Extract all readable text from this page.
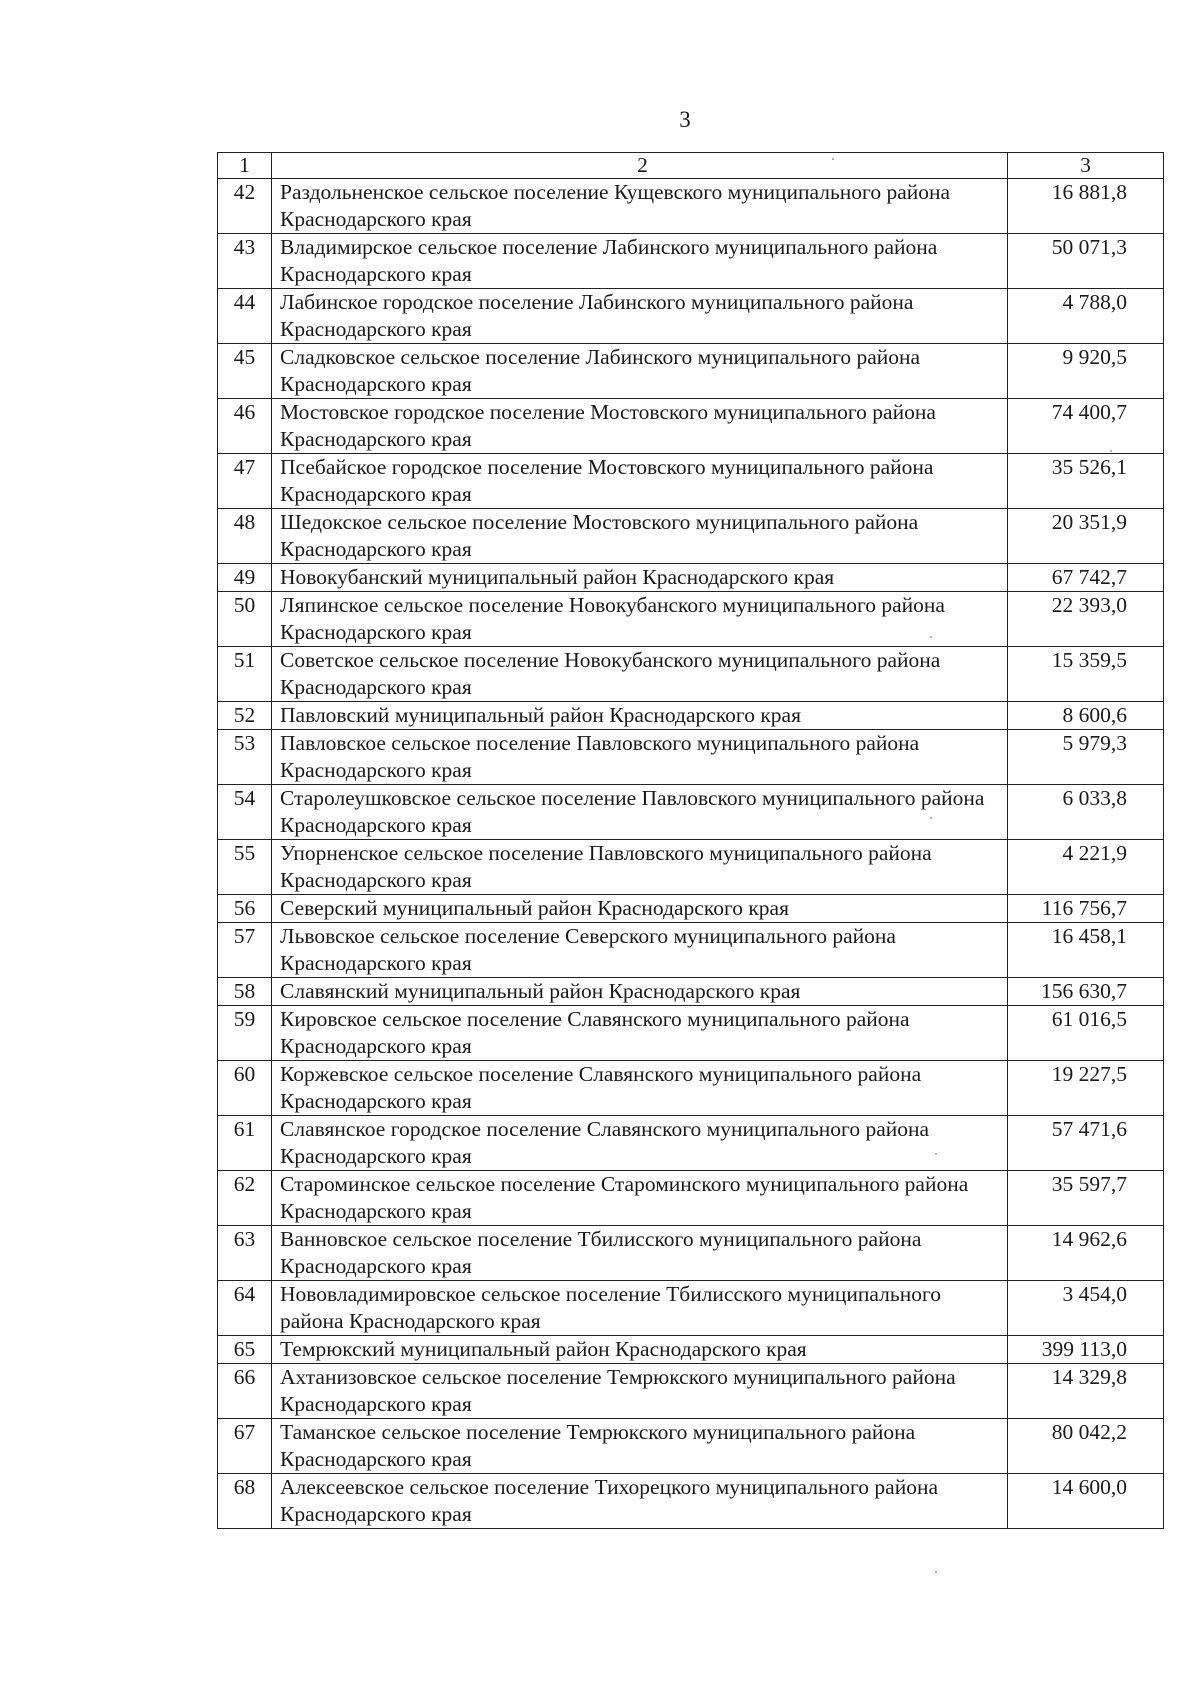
3
1	2	3
42	Раздольненское сельское поселение Кущевского муниципального района Краснодарского края	16 881,8
43	Владимирское сельское поселение Лабинского муниципального района Краснодарского края	50 071,3
44	Лабинское городское поселение Лабинского муниципального района Краснодарского края	4 788,0
45	Сладковское сельское поселение Лабинского муниципального района Краснодарского края	9 920,5
46	Мостовское городское поселение Мостовского муниципального района Краснодарского края	74 400,7
47	Псебайское городское поселение Мостовского муниципального района Краснодарского края	35 526,1
48	Шедокское сельское поселение Мостовского муниципального района Краснодарского края	20 351,9
49	Новокубанский муниципальный район Краснодарского края	67 742,7
50	Ляпинское сельское поселение Новокубанского муниципального района Краснодарского края	22 393,0
51	Советское сельское поселение Новокубанского муниципального района Краснодарского края	15 359,5
52	Павловский муниципальный район Краснодарского края	8 600,6
53	Павловское сельское поселение Павловского муниципального района Краснодарского края	5 979,3
54	Старолеушковское сельское поселение Павловского муниципального района Краснодарского края	6 033,8
55	Упорненское сельское поселение Павловского муниципального района Краснодарского края	4 221,9
56	Северский муниципальный район Краснодарского края	116 756,7
57	Львовское сельское поселение Северского муниципального района Краснодарского края	16 458,1
58	Славянский муниципальный район Краснодарского края	156 630,7
59	Кировское сельское поселение Славянского муниципального района Краснодарского края	61 016,5
60	Коржевское сельское поселение Славянского муниципального района Краснодарского края	19 227,5
61	Славянское городское поселение Славянского муниципального района Краснодарского края	57 471,6
62	Староминское сельское поселение Староминского муниципального района Краснодарского края	35 597,7
63	Ванновское сельское поселение Тбилисского муниципального района Краснодарского края	14 962,6
64	Нововладимировское сельское поселение Тбилисского муниципального района Краснодарского края	3 454,0
65	Темрюкский муниципальный район Краснодарского края	399 113,0
66	Ахтанизовское сельское поселение Темрюкского муниципального района Краснодарского края	14 329,8
67	Таманское сельское поселение Темрюкского муниципального района Краснодарского края	80 042,2
68	Алексеевское сельское поселение Тихорецкого муниципального района Краснодарского края	14 600,0
